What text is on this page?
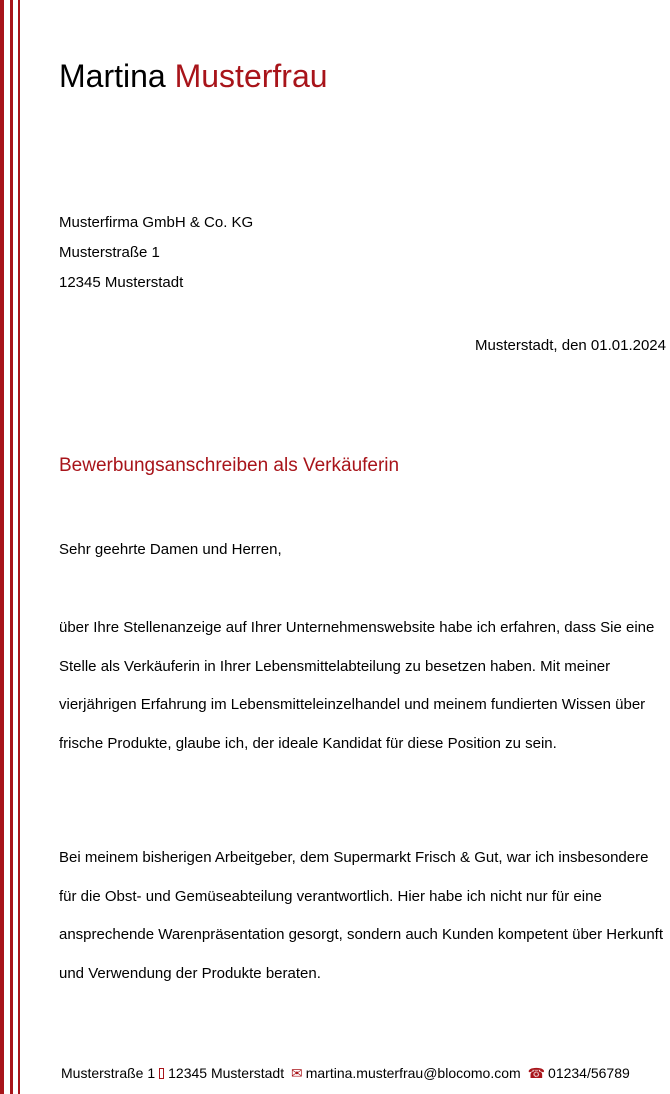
Martina Musterfrau
Musterfirma GmbH & Co. KG
Musterstraße 1
12345 Musterstadt
Musterstadt, den 01.01.2024
Bewerbungsanschreiben als Verkäuferin
Sehr geehrte Damen und Herren,
über Ihre Stellenanzeige auf Ihrer Unternehmenswebsite habe ich erfahren, dass Sie eine Stelle als Verkäuferin in Ihrer Lebensmittelabteilung zu besetzen haben. Mit meiner vierjährigen Erfahrung im Lebensmitteleinzelhandel und meinem fundierten Wissen über frische Produkte, glaube ich, der ideale Kandidat für diese Position zu sein.
Bei meinem bisherigen Arbeitgeber, dem Supermarkt Frisch & Gut, war ich insbesondere für die Obst- und Gemüseabteilung verantwortlich. Hier habe ich nicht nur für eine ansprechende Warenpräsentation gesorgt, sondern auch Kunden kompetent über Herkunft und Verwendung der Produkte beraten.
Musterstraße 1 12345 Musterstadt ✉ martina.musterfrau@blocomo.com ☎ 01234/56789
